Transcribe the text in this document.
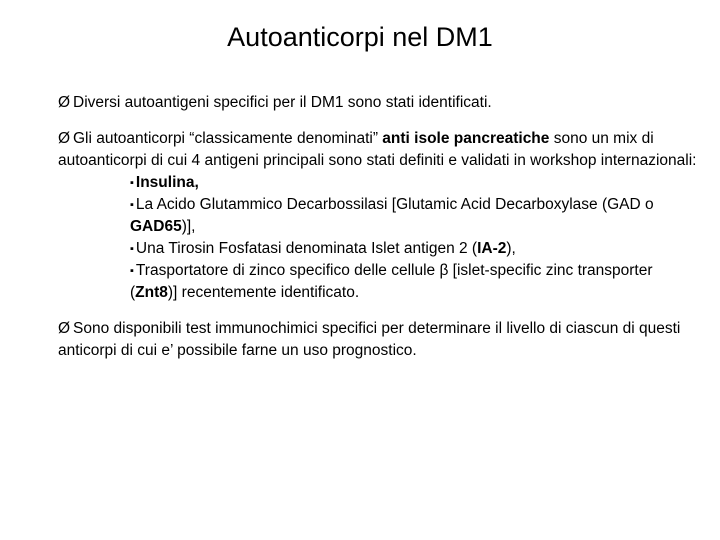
Autoanticorpi nel DM1

Ø Diversi autoantigeni specifici per il DM1 sono stati identificati.

Ø Gli autoanticorpi “classicamente denominati” anti isole pancreatiche sono un mix di autoanticorpi di cui 4 antigeni principali sono stati definiti e validati in workshop internazionali:

▪ Insulina,

▪ La Acido Glutammico Decarbossilasi [Glutamic Acid Decarboxylase (GAD o GAD65)],

▪ Una Tirosin Fosfatasi denominata Islet antigen 2 (IA-2),

▪ Trasportatore di zinco specifico delle cellule β [islet-specific zinc transporter (Znt8)] recentemente identificato.

Ø Sono disponibili test immunochimici specifici per determinare il livello di ciascun di questi anticorpi di cui e’ possibile farne un uso prognostico.
